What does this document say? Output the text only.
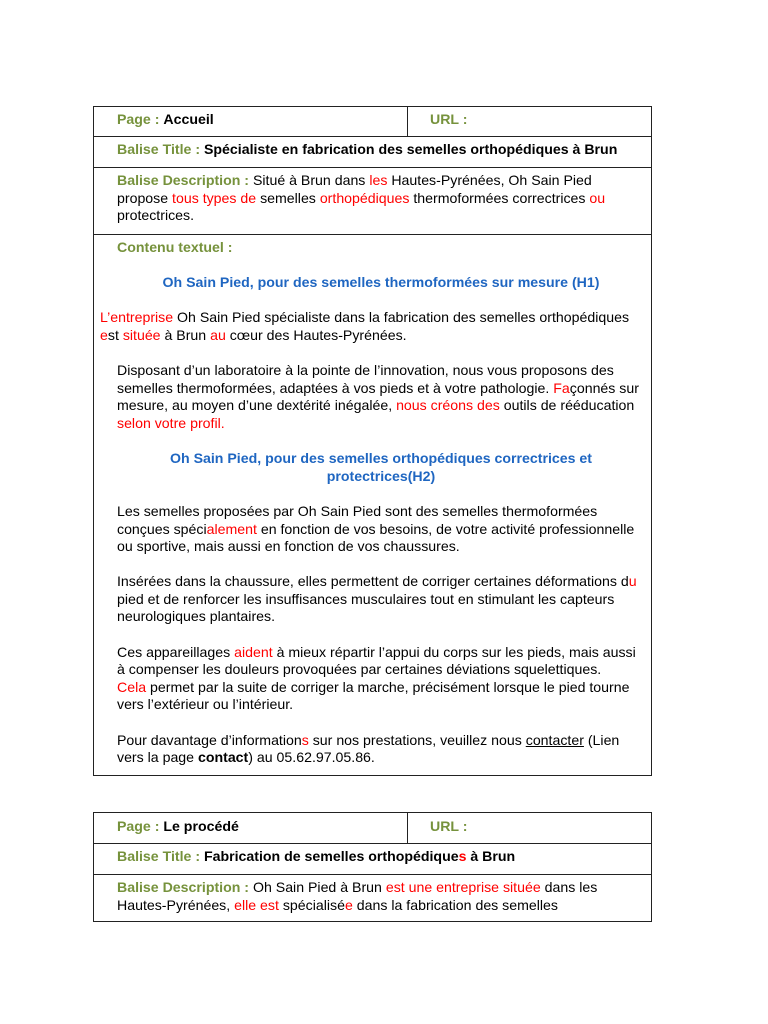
Page : Accueil	URL :
Balise Title : Spécialiste en fabrication des semelles orthopédiques à Brun
Balise Description : Situé à Brun dans les Hautes-Pyrénées, Oh Sain Pied propose tous types de semelles orthopédiques thermoformées correctrices ou protectrices.

Contenu textuel :

Oh Sain Pied, pour des semelles thermoformées sur mesure (H1)

L’entreprise Oh Sain Pied spécialiste dans la fabrication des semelles orthopédiques est située à Brun au cœur des Hautes-Pyrénées.

Disposant d’un laboratoire à la pointe de l’innovation, nous vous proposons des semelles thermoformées, adaptées à vos pieds et à votre pathologie. Façonnés sur mesure, au moyen d’une dextérité inégalée, nous créons des outils de rééducation selon votre profil.

Oh Sain Pied, pour des semelles orthopédiques correctrices et protectrices(H2)

Les semelles proposées par Oh Sain Pied sont des semelles thermoformées conçues spécialement en fonction de vos besoins, de votre activité professionnelle ou sportive, mais aussi en fonction de vos chaussures.

Insérées dans la chaussure, elles permettent de corriger certaines déformations du pied et de renforcer les insuffisances musculaires tout en stimulant les capteurs neurologiques plantaires.

Ces appareillages aident à mieux répartir l’appui du corps sur les pieds, mais aussi à compenser les douleurs provoquées par certaines déviations squelettiques.

Cela permet par la suite de corriger la marche, précisément lorsque le pied tourne vers l’extérieur ou l’intérieur.

Pour davantage d’informations sur nos prestations, veuillez nous contacter (Lien vers la page contact) au 05.62.97.05.86.

Page : Le procédé	URL :
Balise Title : Fabrication de semelles orthopédiques à Brun
Balise Description : Oh Sain Pied à Brun est une entreprise située dans les Hautes-Pyrénées, elle est spécialisée dans la fabrication des semelles
